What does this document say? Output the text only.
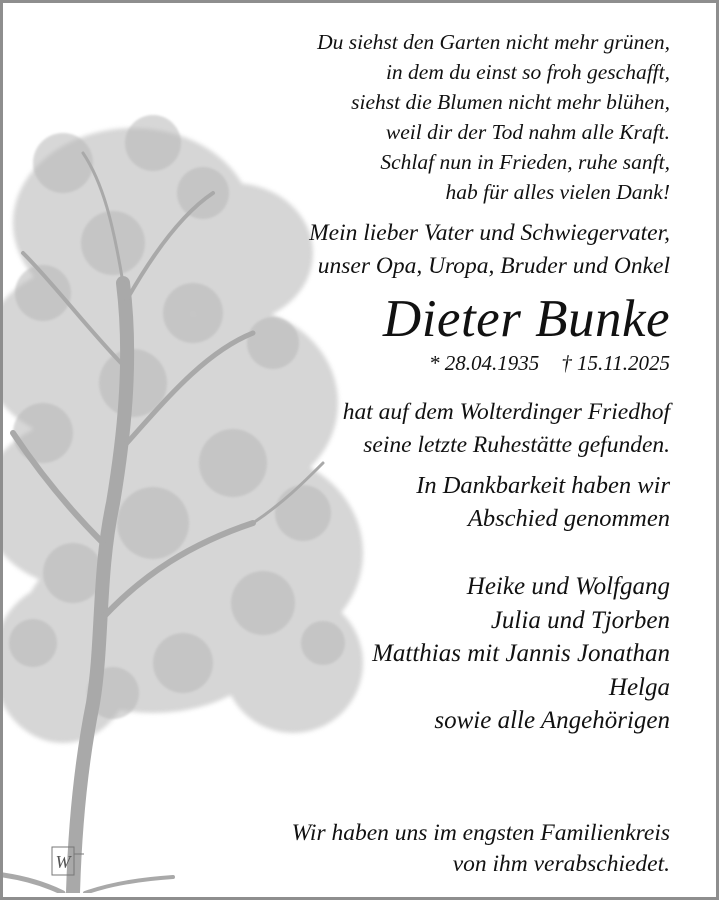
Du siehst den Garten nicht mehr grünen,
in dem du einst so froh geschafft,
siehst die Blumen nicht mehr blühen,
weil dir der Tod nahm alle Kraft.
Schlaf nun in Frieden, ruhe sanft,
hab für alles vielen Dank!
Mein lieber Vater und Schwiegervater,
unser Opa, Uropa, Bruder und Onkel
Dieter Bunke
* 28.04.1935 † 15.11.2025
hat auf dem Wolterdinger Friedhof
seine letzte Ruhestätte gefunden.
In Dankbarkeit haben wir
Abschied genommen
Heike und Wolfgang
Julia und Tjorben
Matthias mit Jannis Jonathan
Helga
sowie alle Angehörigen
Wir haben uns im engsten Familienkreis
von ihm verabschiedet.
W
